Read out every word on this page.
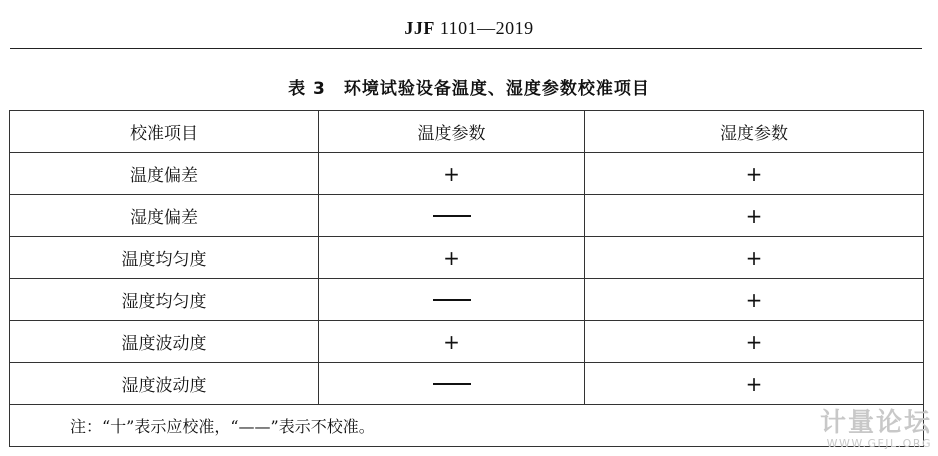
JJF 1101—2019
表 3　环境试验设备温度、湿度参数校准项目
校准项目	温度参数	湿度参数
温度偏差	+	+
湿度偏差		+
温度均匀度	+	+
湿度均匀度		+
温度波动度	+	+
湿度波动度		+
注：“十”表示应校准，“——”表示不校准。			计量论坛
WWW.GFJL.ORG
